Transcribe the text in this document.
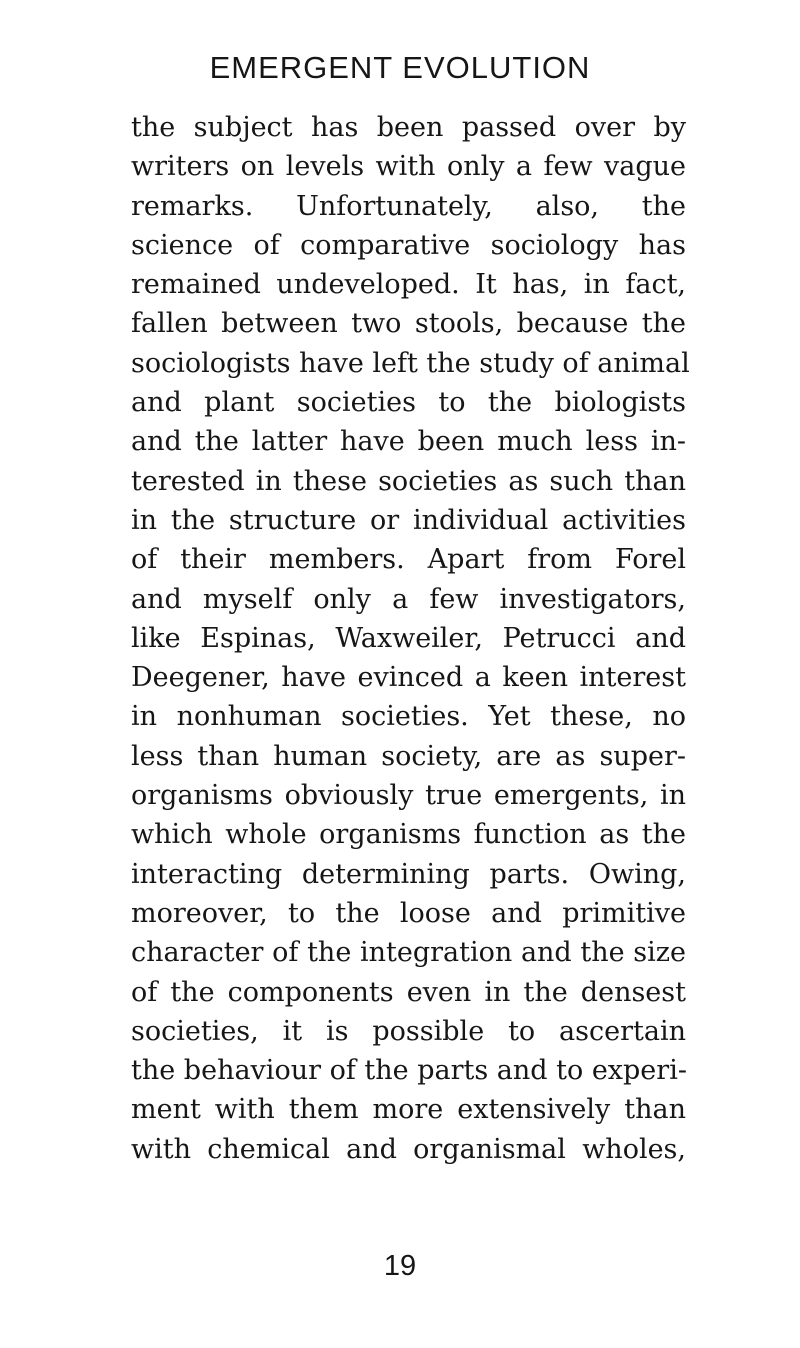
EMERGENT EVOLUTION
the subject has been passed over by
writers on levels with only a few vague
remarks. Unfortunately, also, the
science of comparative sociology has
remained undeveloped. It has, in fact,
fallen between two stools, because the
sociologists have left the study of animal
and plant societies to the biologists
and the latter have been much less in-
terested in these societies as such than
in the structure or individual activities
of their members. Apart from Forel
and myself only a few investigators,
like Espinas, Waxweiler, Petrucci and
Deegener, have evinced a keen interest
in nonhuman societies. Yet these, no
less than human society, are as super-
organisms obviously true emergents, in
which whole organisms function as the
interacting determining parts. Owing,
moreover, to the loose and primitive
character of the integration and the size
of the components even in the densest
societies, it is possible to ascertain
the behaviour of the parts and to experi-
ment with them more extensively than
with chemical and organismal wholes,
19
